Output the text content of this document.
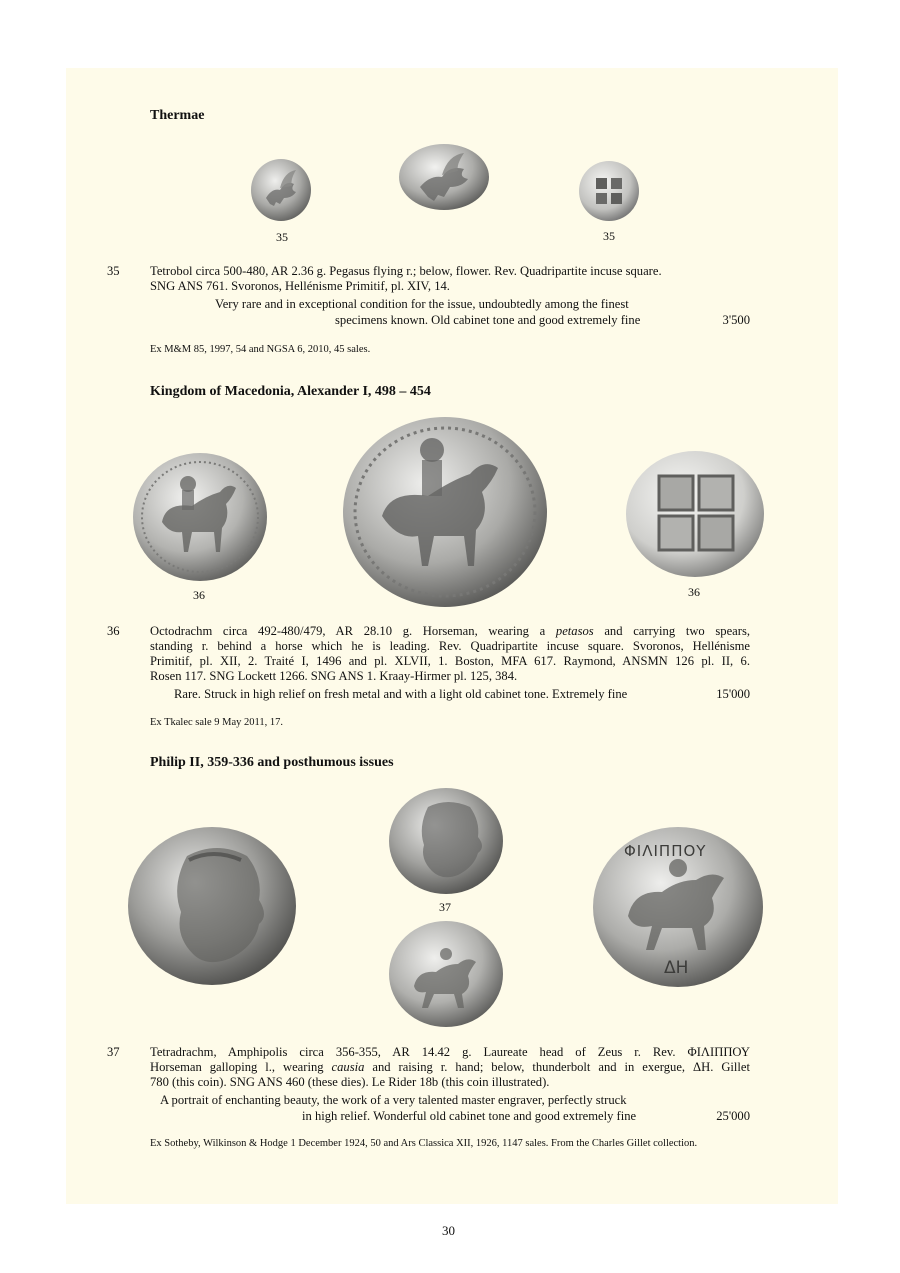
Thermae
35	35
35 Tetrobol circa 500-480, AR 2.36 g. Pegasus flying r.; below, flower. Rev. Quadripartite incuse square.
SNG ANS 761. Svoronos, Hellénisme Primitif, pl. XIV, 14.
Very rare and in exceptional condition for the issue, undoubtedly among the finest
specimens known. Old cabinet tone and good extremely fine	3'500
Ex M&M 85, 1997, 54 and NGSA 6, 2010, 45 sales.
Kingdom of Macedonia, Alexander I, 498 – 454
36	36
36 Octodrachm circa 492-480/479, AR 28.10 g. Horseman, wearing a petasos and carrying two spears,
standing r. behind a horse which he is leading. Rev. Quadripartite incuse square. Svoronos, Hellénisme
Primitif, pl. XII, 2. Traité I, 1496 and pl. XLVII, 1. Boston, MFA 617. Raymond, ANSMN 126 pl. II, 6.
Rosen 117. SNG Lockett 1266. SNG ANS 1. Kraay-Hirmer pl. 125, 384.
Rare. Struck in high relief on fresh metal and with a light old cabinet tone. Extremely fine	15'000
Ex Tkalec sale 9 May 2011, 17.
Philip II, 359-336 and posthumous issues
37
ΦΙΛΙΠΠΟΥ
ΔΗ
37 Tetradrachm, Amphipolis circa 356-355, AR 14.42 g. Laureate head of Zeus r. Rev. ΦΙΛΙΠΠΟΥ
Horseman galloping l., wearing causia and raising r. hand; below, thunderbolt and in exergue, ΔΗ. Gillet
780 (this coin). SNG ANS 460 (these dies). Le Rider 18b (this coin illustrated).
A portrait of enchanting beauty, the work of a very talented master engraver, perfectly struck
in high relief. Wonderful old cabinet tone and good extremely fine	25'000
Ex Sotheby, Wilkinson & Hodge 1 December 1924, 50 and Ars Classica XII, 1926, 1147 sales. From the Charles Gillet collection.
30
